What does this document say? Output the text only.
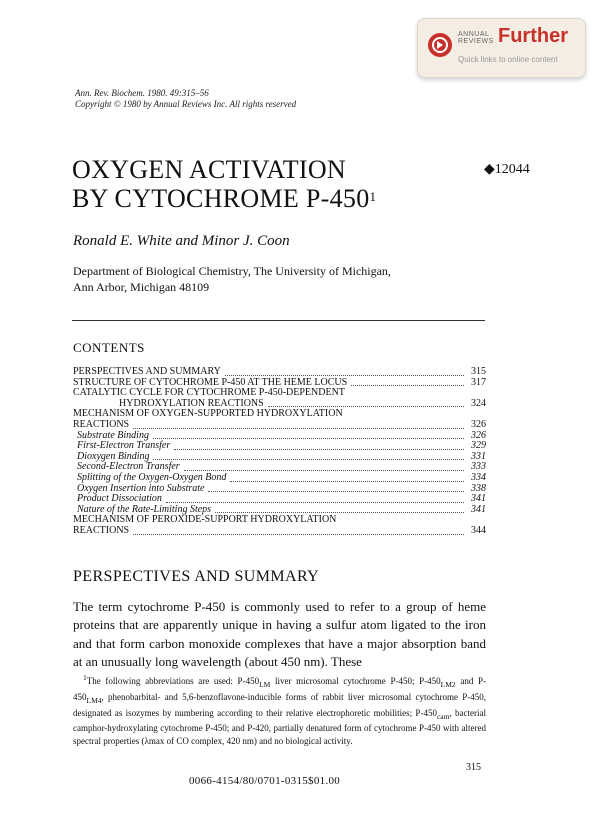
ANNUAL REVIEWS Further
Quick links to online content
Ann. Rev. Biochem. 1980. 49:315–56
Copyright © 1980 by Annual Reviews Inc. All rights reserved
OXYGEN ACTIVATION
BY CYTOCHROME $P-450^1$
◆12044
Ronald E. White and Minor J. Coon
Department of Biological Chemistry, The University of Michigan,
Ann Arbor, Michigan 48109
CONTENTS
PERSPECTIVES AND SUMMARY	315
STRUCTURE OF CYTOCHROME P-450 AT THE HEME LOCUS	317
CATALYTIC CYCLE FOR CYTOCHROME P-450-DEPENDENT
HYDROXYLATION REACTIONS	324
MECHANISM OF OXYGEN-SUPPORTED HYDROXYLATION
REACTIONS	326
Substrate Binding	326
First-Electron Transfer	329
Dioxygen Binding	331
Second-Electron Transfer	333
Splitting of the Oxygen-Oxygen Bond	334
Oxygen Insertion into Substrate	338
Product Dissociation	341
Nature of the Rate-Limiting Steps	341
MECHANISM OF PEROXIDE-SUPPORT HYDROXYLATION
REACTIONS	344
PERSPECTIVES AND SUMMARY
The term cytochrome P-450 is commonly used to refer to a group of heme proteins that are apparently unique in having a sulfur atom ligated to the iron and that form carbon monoxide complexes that have a major absorption band at an unusually long wavelength (about 450 nm). These
$^1$The following abbreviations are used: $P-450_{LM}$ liver microsomal cytochrome P-450; $P-450_{LM2}$ and $P-450_{LM4}$, phenobarbital- and 5,6-benzoflavone-inducible forms of rabbit liver microsomal cytochrome P-450, designated as isozymes by numbering according to their relative electrophoretic mobilities; $P-450_{cam}$, bacterial camphor-hydroxylating cytochrome P-450; and P-420, partially denatured form of cytochrome P-450 with altered spectral properties (λmax of CO complex, 420 nm) and no biological activity.
315
0066-4154/80/0701-0315$01.00
